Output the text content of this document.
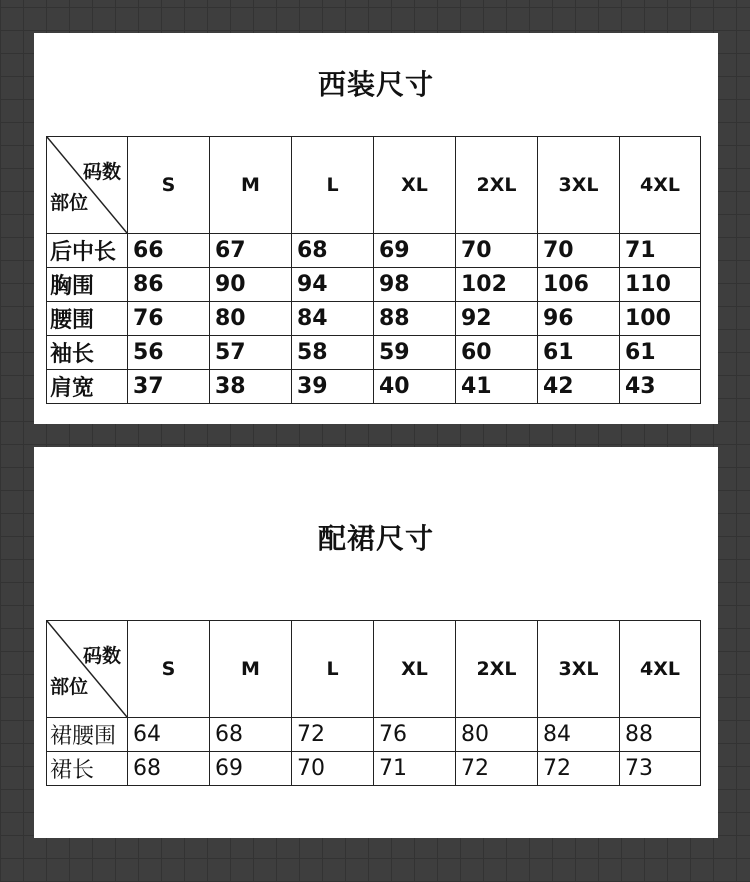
西装尺寸
码数
部位	S	M	L	XL	2XL	3XL	4XL
后中长	66	67	68	69	70	70	71
胸围	86	90	94	98	102	106	110
腰围	76	80	84	88	92	96	100
袖长	56	57	58	59	60	61	61
肩宽	37	38	39	40	41	42	43
配裙尺寸
码数
部位	S	M	L	XL	2XL	3XL	4XL
裙腰围	64	68	72	76	80	84	88
裙长	68	69	70	71	72	72	73
